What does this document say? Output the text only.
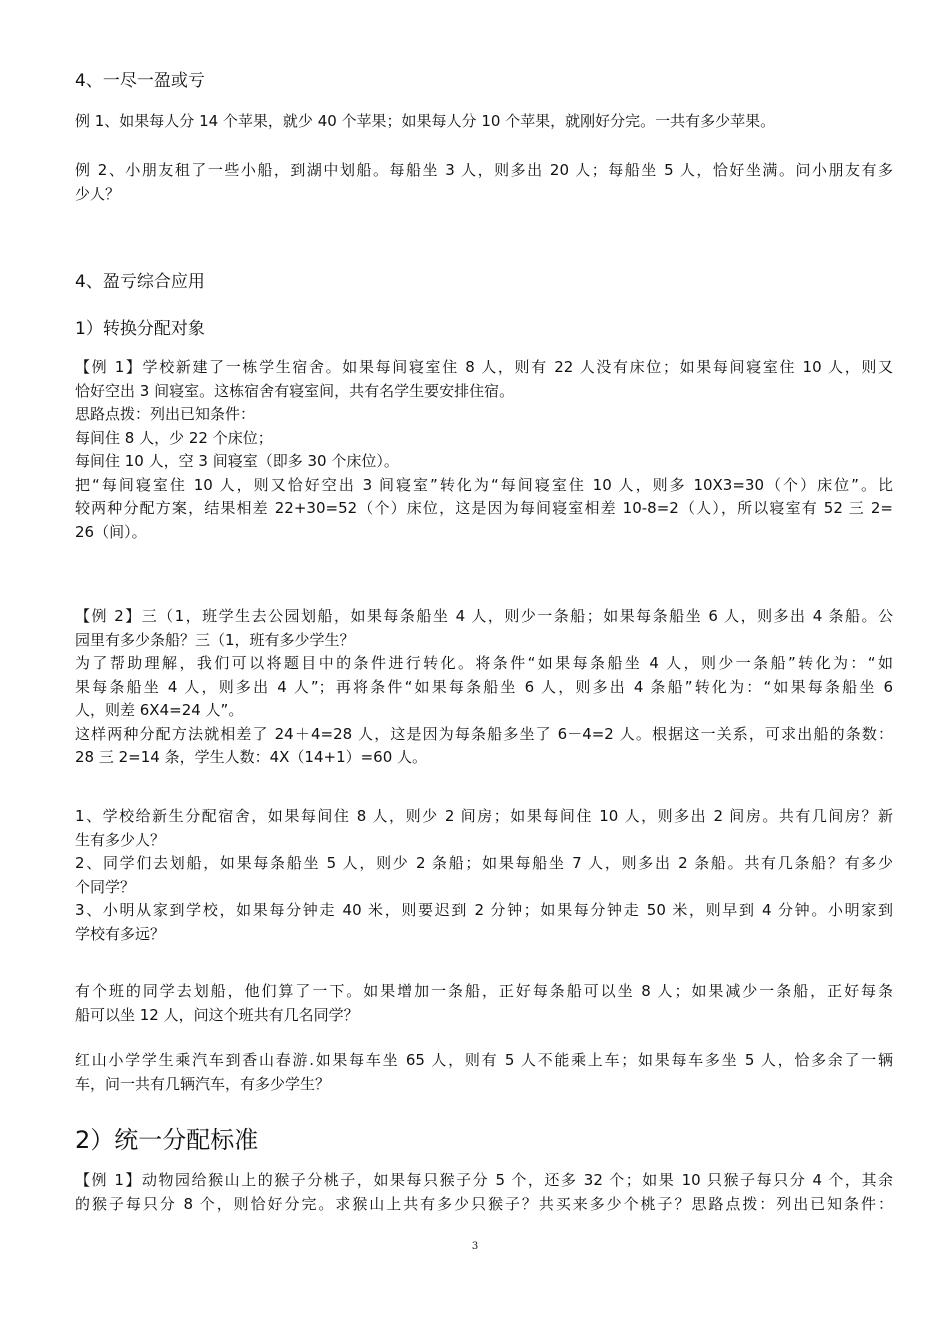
4、一尽一盈或亏
例 1、如果每人分 14 个苹果，就少 40 个苹果；如果每人分 10 个苹果，就刚好分完。一共有多少苹果。
例 2、小朋友租了一些小船，到湖中划船。每船坐 3 人，则多出 20 人；每船坐 5 人，恰好坐满。问小朋友有多
少人？
4、盈亏综合应用
1）转换分配对象
【例 1】学校新建了一栋学生宿舍。如果每间寝室住 8 人，则有 22 人没有床位；如果每间寝室住 10 人，则又
恰好空出 3 间寝室。这栋宿舍有寝室间，共有名学生要安排住宿。
思路点拨：列出已知条件：
每间住 8 人，少 22 个床位；
每间住 10 人，空 3 间寝室（即多 30 个床位）。
把“每间寝室住 10 人，则又恰好空出 3 间寝室”转化为“每间寝室住 10 人，则多 10X3=30（个）床位”。比
较两种分配方案，结果相差 22+30=52（个）床位，这是因为每间寝室相差 10-8=2（人），所以寝室有 52 三 2=
26（间）。
【例 2】三（1，班学生去公园划船，如果每条船坐 4 人，则少一条船；如果每条船坐 6 人，则多出 4 条船。公
园里有多少条船？三（1，班有多少学生？
为了帮助理解，我们可以将题目中的条件进行转化。将条件“如果每条船坐 4 人，则少一条船”转化为：“如
果每条船坐 4 人，则多出 4 人”；再将条件“如果每条船坐 6 人，则多出 4 条船”转化为：“如果每条船坐 6
人，则差 6X4=24 人”。
这样两种分配方法就相差了 24＋4=28 人，这是因为每条船多坐了 6－4=2 人。根据这一关系，可求出船的条数：
28 三 2=14 条，学生人数：4X（14+1）=60 人。
1、学校给新生分配宿舍，如果每间住 8 人，则少 2 间房；如果每间住 10 人，则多出 2 间房。共有几间房？新
生有多少人？
2、同学们去划船，如果每条船坐 5 人，则少 2 条船；如果每船坐 7 人，则多出 2 条船。共有几条船？有多少
个同学？
3、小明从家到学校，如果每分钟走 40 米，则要迟到 2 分钟；如果每分钟走 50 米，则早到 4 分钟。小明家到
学校有多远？
有个班的同学去划船，他们算了一下。如果增加一条船，正好每条船可以坐 8 人；如果减少一条船，正好每条
船可以坐 12 人，问这个班共有几名同学？
红山小学学生乘汽车到香山春游.如果每车坐 65 人，则有 5 人不能乘上车；如果每车多坐 5 人，恰多余了一辆
车，问一共有几辆汽车，有多少学生？
2）统一分配标准
【例 1】动物园给猴山上的猴子分桃子，如果每只猴子分 5 个，还多 32 个；如果 10 只猴子每只分 4 个，其余
的猴子每只分 8 个，则恰好分完。求猴山上共有多少只猴子？共买来多少个桃子？思路点拨：列出已知条件：
3
